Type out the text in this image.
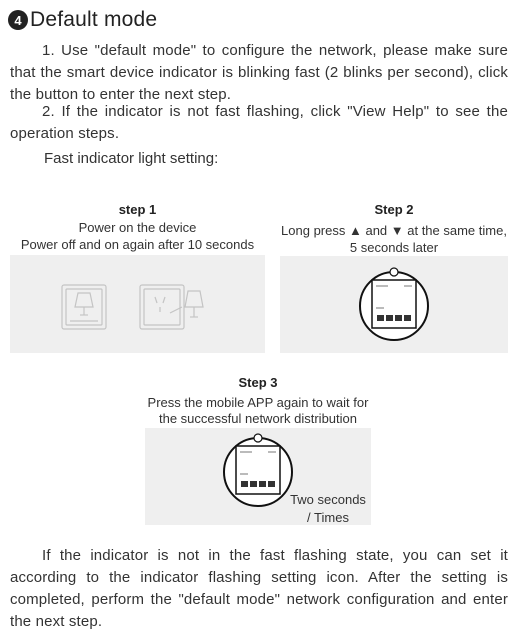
4 Default mode
1. Use "default mode" to configure the network, please make sure that the smart device indicator is blinking fast (2 blinks per second), click the button to enter the next step.
2. If the indicator is not fast flashing, click "View Help" to see the operation steps.
Fast indicator light setting:
step 1
Power on the device
Power off and on again after 10 seconds
Step 2
Long press ▲ and ▼ at the same time,
5 seconds later
Step 3
Press the mobile APP again to wait for
the successful network distribution
Two seconds
/ Times
If the indicator is not in the fast flashing state, you can set it according to the indicator flashing setting icon. After the setting is completed, perform the "default mode" network configuration and enter the next step.
